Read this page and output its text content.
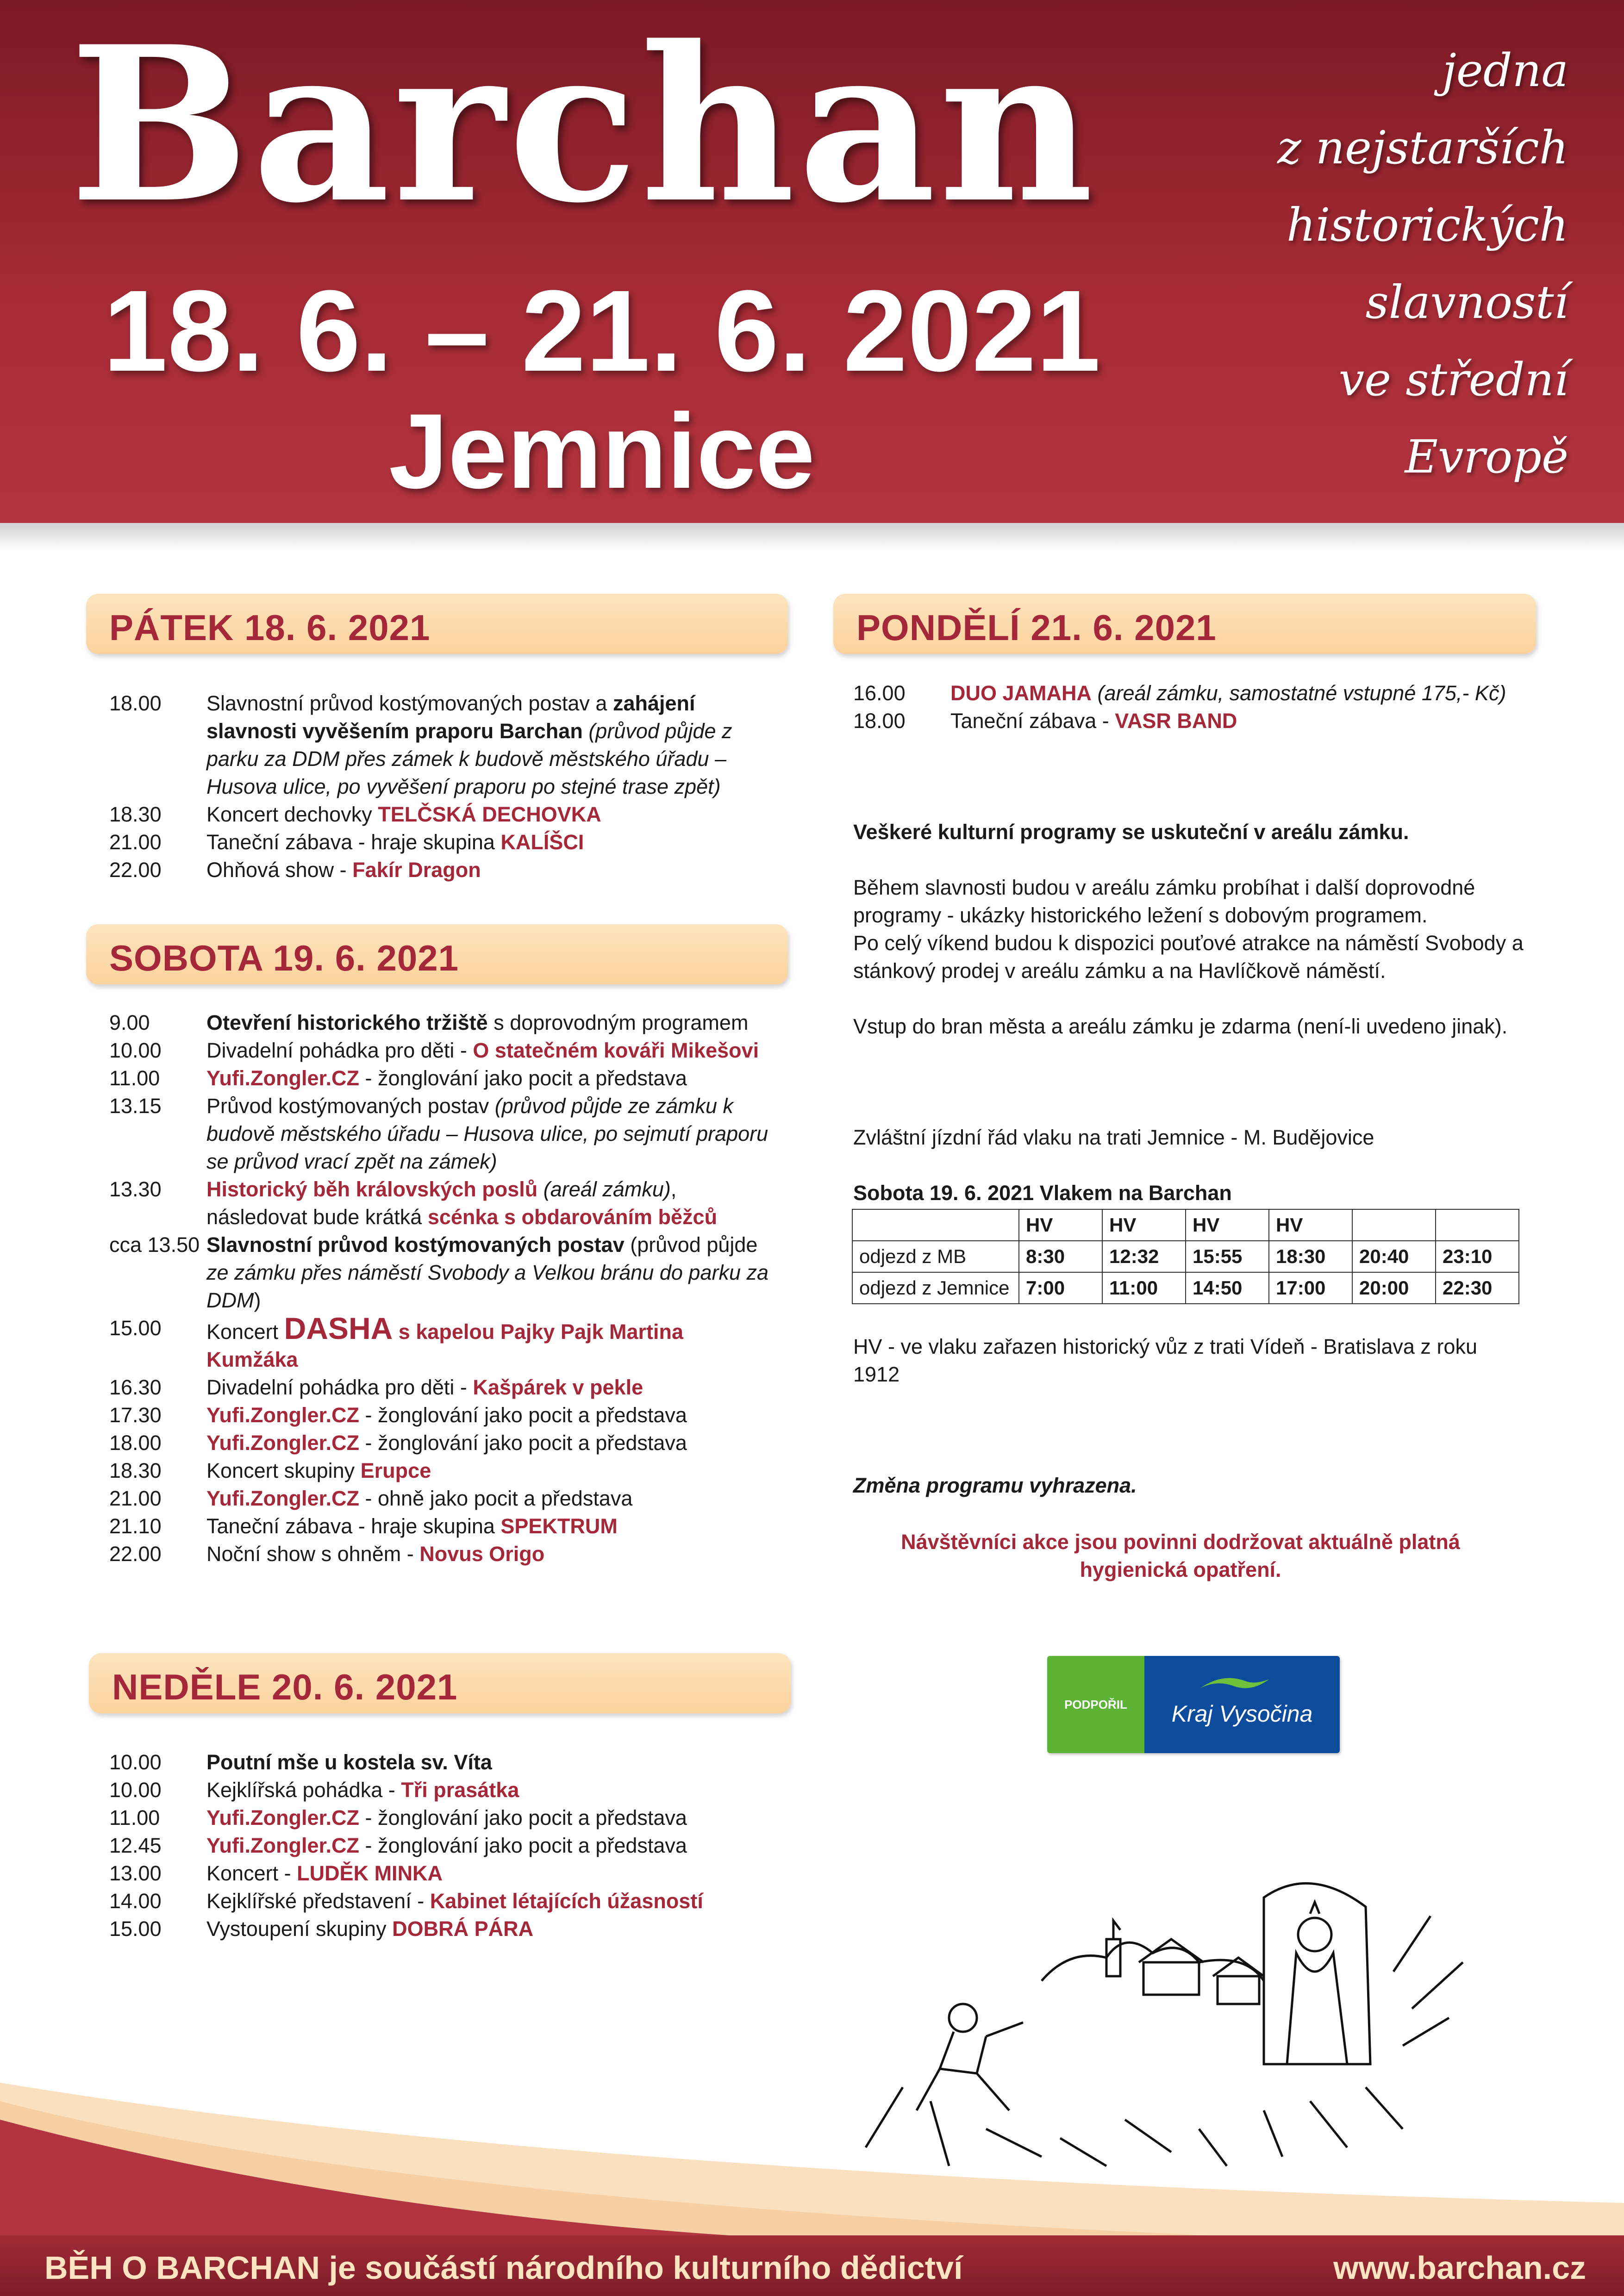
Barchan
18. 6. – 21. 6. 2021
Jemnice
jedna
z nejstarších
historických
slavností
ve střední
Evropě
PÁTEK 18. 6. 2021
SOBOTA 19. 6. 2021
NEDĚLE 20. 6. 2021
PONDĚLÍ 21. 6. 2021
18.00	Slavnostní průvod kostýmovaných postav a zahájení slavnosti vyvěšením praporu Barchan (průvod půjde z parku za DDM přes zámek k budově městského úřadu – Husova ulice, po vyvěšení praporu po stejné trase zpět)
18.30	Koncert dechovky TELČSKÁ DECHOVKA
21.00	Taneční zábava - hraje skupina KALÍŠCI
22.00	Ohňová show - Fakír Dragon
9.00	Otevření historického tržiště s doprovodným programem
10.00	Divadelní pohádka pro děti - O statečném kováři Mikešovi
11.00	Yufi.Zongler.CZ - žonglování jako pocit a představa
13.15	Průvod kostýmovaných postav (průvod půjde ze zámku k budově městského úřadu – Husova ulice, po sejmutí praporu se průvod vrací zpět na zámek)
13.30	Historický běh královských poslů (areál zámku), následovat bude krátká scénka s obdarováním běžců
cca 13.50 Slavnostní průvod kostýmovaných postav (průvod půjde ze zámku přes náměstí Svobody a Velkou bránu do parku za DDM)
15.00	Koncert DASHA s kapelou Pajky Pajk Martina Kumžáka
16.30	Divadelní pohádka pro děti - Kašpárek v pekle
17.30	Yufi.Zongler.CZ - žonglování jako pocit a představa
18.00	Yufi.Zongler.CZ - žonglování jako pocit a představa
18.30	Koncert skupiny Erupce
21.00	Yufi.Zongler.CZ - ohně jako pocit a představa
21.10	Taneční zábava - hraje skupina SPEKTRUM
22.00	Noční show s ohněm - Novus Origo
10.00	Poutní mše u kostela sv. Víta
10.00	Kejklířská pohádka - Tři prasátka
11.00	Yufi.Zongler.CZ - žonglování jako pocit a představa
12.45	Yufi.Zongler.CZ - žonglování jako pocit a představa
13.00	Koncert - LUDĚK MINKA
14.00	Kejklířské představení - Kabinet létajících úžasností
15.00	Vystoupení skupiny DOBRÁ PÁRA
16.00	DUO JAMAHA (areál zámku, samostatné vstupné 175,- Kč)
18.00	Taneční zábava - VASR BAND

Veškeré kulturní programy se uskuteční v areálu zámku.

Během slavnosti budou v areálu zámku probíhat i další doprovodné programy - ukázky historického ležení s dobovým programem.

Po celý víkend budou k dispozici pouťové atrakce na náměstí Svobody a stánkový prodej v areálu zámku a na Havlíčkově náměstí.

Vstup do bran města a areálu zámku je zdarma (není-li uvedeno jinak).

Zvláštní jízdní řád vlaku na trati Jemnice - M. Budějovice
Sobota 19. 6. 2021 Vlakem na Barchan
	HV	HV	HV	HV		
odjezd z MB	8:30	12:32	15:55	18:30	20:40	23:10
odjezd z Jemnice	7:00	11:00	14:50	17:00	20:00	22:30
HV - ve vlaku zařazen historický vůz z trati Vídeň - Bratislava z roku 1912
Změna programu vyhrazena.
Návštěvníci akce jsou povinni dodržovat aktuálně platná hygienická opatření.
PODPOŘIL	Kraj Vysočina
BĚH O BARCHAN je součástí národního kulturního dědictví	www.barchan.cz
